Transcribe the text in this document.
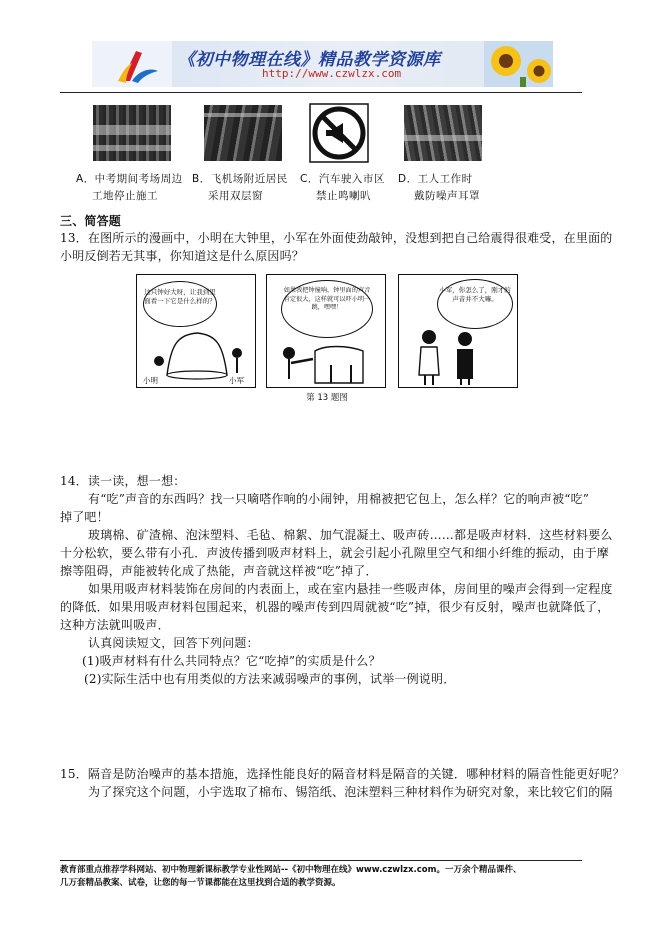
《初中物理在线》精品教学资源库
http://www.czwlzx.com
A．中考期间考场周边
工地停止施工
B．飞机场附近居民
采用双层窗
C．汽车驶入市区
禁止鸣喇叭
D．工人工作时
戴防噪声耳罩
三、简答题
13．在图所示的漫画中，小明在大钟里，小军在外面使劲敲钟，没想到把自己给震得很难受，在里面的
小明反倒若无其事，你知道这是什么原因吗？
这只钟好大呀，让我到里面看一下它是什么样的？
小明	小军
如果我把钟撞响，钟里面的声音肯定很大，这样就可以吓小明一跳，嘿嘿！
小军，你怎么了，刚才的声音并不大嘛。
第 13 题图
14．读一读，想一想：
有“吃”声音的东西吗？找一只嘀嗒作响的小闹钟，用棉被把它包上，怎么样？它的响声被“吃”
掉了吧！
玻璃棉、矿渣棉、泡沫塑料、毛毡、棉絮、加气混凝土、吸声砖……都是吸声材料．这些材料要么
十分松软，要么带有小孔．声波传播到吸声材料上，就会引起小孔隙里空气和细小纤维的振动，由于摩
擦等阻碍，声能被转化成了热能，声音就这样被“吃”掉了．
如果用吸声材料装饰在房间的内表面上，或在室内悬挂一些吸声体，房间里的噪声会得到一定程度
的降低．如果用吸声材料包围起来，机器的噪声传到四周就被“吃”掉，很少有反射，噪声也就降低了，
这种方法就叫吸声．
认真阅读短文，回答下列问题：
(1)吸声材料有什么共同特点？它“吃掉”的实质是什么？
(2)实际生活中也有用类似的方法来减弱噪声的事例，试举一例说明．
15．隔音是防治噪声的基本措施，选择性能良好的隔音材料是隔音的关键．哪种材料的隔音性能更好呢？
为了探究这个问题，小宇选取了棉布、锡箔纸、泡沫塑料三种材料作为研究对象，来比较它们的隔
教育部重点推荐学科网站、初中物理新课标教学专业性网站--《初中物理在线》www.czwlzx.com。一万余个精品课件、
几万套精品教案、试卷，让您的每一节课都能在这里找到合适的教学资源。
